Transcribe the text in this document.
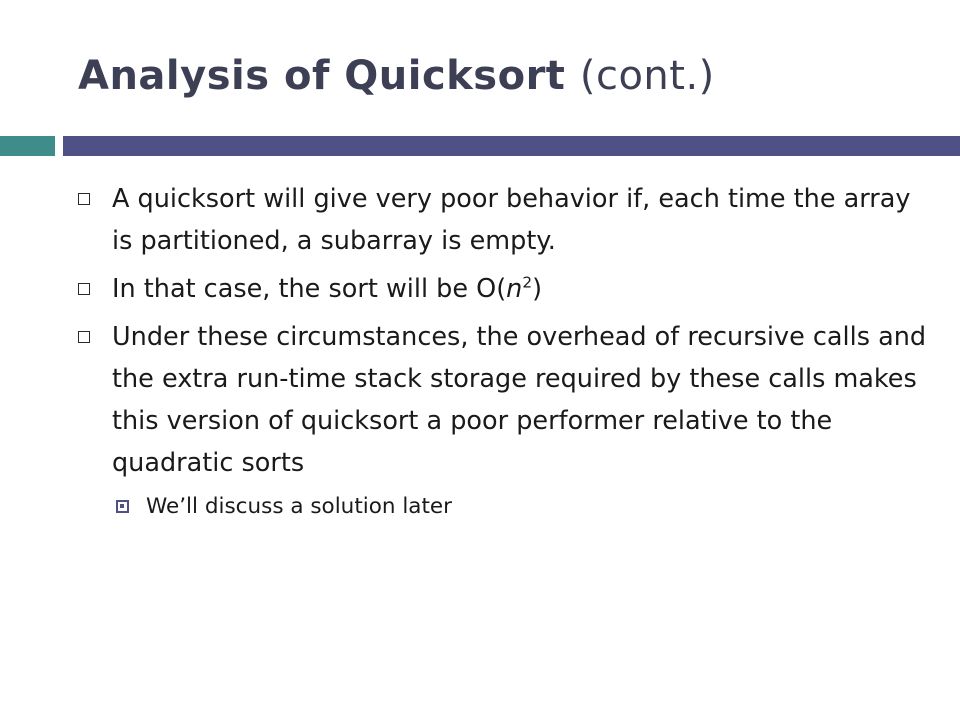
Analysis of Quicksort (cont.)
A quicksort will give very poor behavior if, each time the array is partitioned, a subarray is empty.
In that case, the sort will be $O(n^2)$
Under these circumstances, the overhead of recursive calls and the extra run-time stack storage required by these calls makes this version of quicksort a poor performer relative to the quadratic sorts
We’ll discuss a solution later
